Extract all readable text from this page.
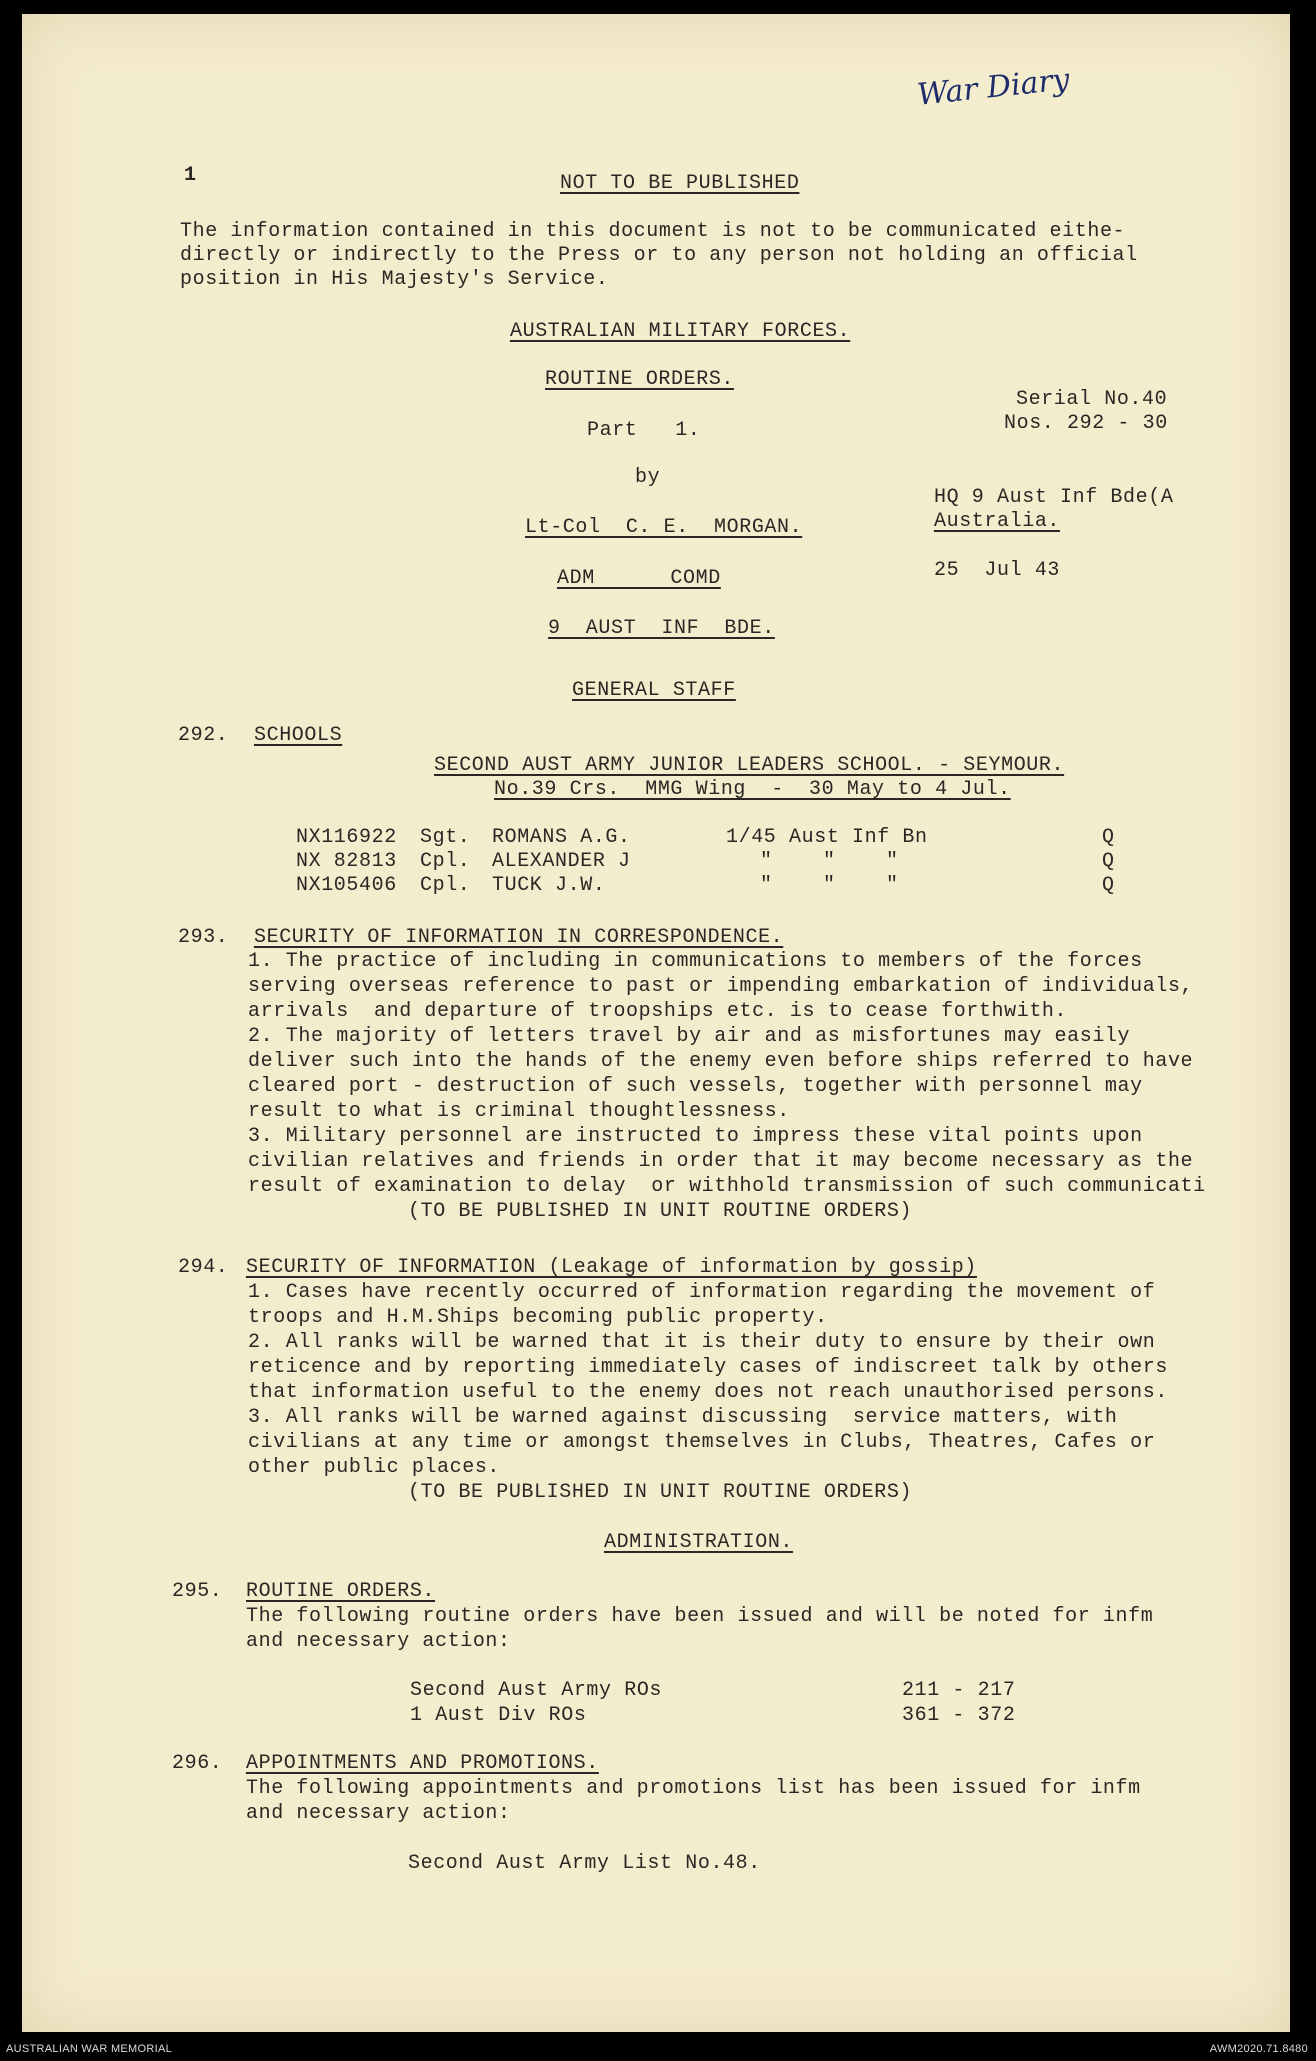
War Diary
1	NOT TO BE PUBLISHED
The information contained in this document is not to be communicated eithe-
directly or indirectly to the Press or to any person not holding an official
position in His Majesty's Service.
AUSTRALIAN MILITARY FORCES.
ROUTINE ORDERS.
Part   1.
by
Lt-Col  C. E.  MORGAN.
ADM      COMD
9  AUST  INF  BDE.
Serial No.40
Nos. 292 - 30
HQ 9 Aust Inf Bde(A
Australia.
25  Jul 43
GENERAL STAFF
292. SCHOOLS
SECOND AUST ARMY JUNIOR LEADERS SCHOOL. - SEYMOUR.
No.39 Crs.  MMG Wing  -  30 May to 4 Jul.
NX116922 Sgt. ROMANS A.G.	1/45 Aust Inf Bn	Q
NX 82813 Cpl. ALEXANDER J	"    "    "	Q
NX105406 Cpl. TUCK J.W.	"    "    "	Q
293. SECURITY OF INFORMATION IN CORRESPONDENCE.
1. The practice of including in communications to members of the forces
serving overseas reference to past or impending embarkation of individuals,
arrivals  and departure of troopships etc. is to cease forthwith.
2. The majority of letters travel by air and as misfortunes may easily
deliver such into the hands of the enemy even before ships referred to have
cleared port - destruction of such vessels, together with personnel may
result to what is criminal thoughtlessness.
3. Military personnel are instructed to impress these vital points upon
civilian relatives and friends in order that it may become necessary as the
result of examination to delay  or withhold transmission of such communicati
(TO BE PUBLISHED IN UNIT ROUTINE ORDERS)
294. SECURITY OF INFORMATION (Leakage of information by gossip)
1. Cases have recently occurred of information regarding the movement of
troops and H.M.Ships becoming public property.
2. All ranks will be warned that it is their duty to ensure by their own
reticence and by reporting immediately cases of indiscreet talk by others
that information useful to the enemy does not reach unauthorised persons.
3. All ranks will be warned against discussing  service matters, with
civilians at any time or amongst themselves in Clubs, Theatres, Cafes or
other public places.
(TO BE PUBLISHED IN UNIT ROUTINE ORDERS)
ADMINISTRATION.
295. ROUTINE ORDERS.
The following routine orders have been issued and will be noted for infm
and necessary action:
Second Aust Army ROs	211 - 217
1 Aust Div ROs	361 - 372
296. APPOINTMENTS AND PROMOTIONS.
The following appointments and promotions list has been issued for infm
and necessary action:
Second Aust Army List No.48.
AUSTRALIAN WAR MEMORIAL	AWM2020.71.8480
